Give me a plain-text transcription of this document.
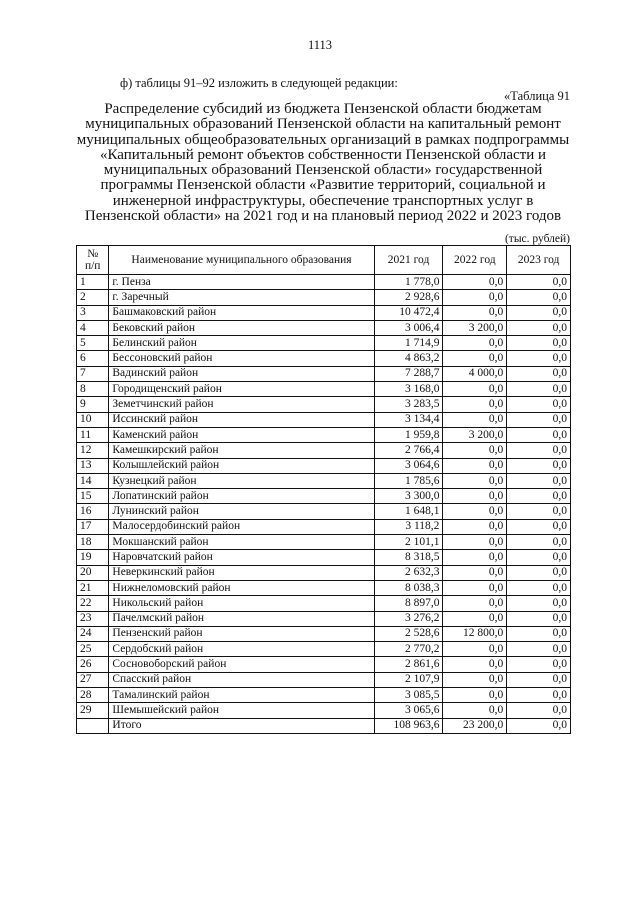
1113
ф) таблицы 91–92 изложить в следующей редакции:
«Таблица 91
Распределение субсидий из бюджета Пензенской области бюджетам
муниципальных образований Пензенской области на капитальный ремонт
муниципальных общеобразовательных организаций в рамках подпрограммы
«Капитальный ремонт объектов собственности Пензенской области и
муниципальных образований Пензенской области» государственной
программы Пензенской области «Развитие территорий, социальной и
инженерной инфраструктуры, обеспечение транспортных услуг в
Пензенской области» на 2021 год и на плановый период 2022 и 2023 годов
(тыс. рублей)
№
п/п	Наименование муниципального образования	2021 год	2022 год	2023 год
1	г. Пенза	1 778,0	0,0	0,0
2	г. Заречный	2 928,6	0,0	0,0
3	Башмаковский район	10 472,4	0,0	0,0
4	Бековский район	3 006,4	3 200,0	0,0
5	Белинский район	1 714,9	0,0	0,0
6	Бессоновский район	4 863,2	0,0	0,0
7	Вадинский район	7 288,7	4 000,0	0,0
8	Городищенский район	3 168,0	0,0	0,0
9	Земетчинский район	3 283,5	0,0	0,0
10	Иссинский район	3 134,4	0,0	0,0
11	Каменский район	1 959,8	3 200,0	0,0
12	Камешкирский район	2 766,4	0,0	0,0
13	Колышлейский район	3 064,6	0,0	0,0
14	Кузнецкий район	1 785,6	0,0	0,0
15	Лопатинский район	3 300,0	0,0	0,0
16	Лунинский район	1 648,1	0,0	0,0
17	Малосердобинский район	3 118,2	0,0	0,0
18	Мокшанский район	2 101,1	0,0	0,0
19	Наровчатский район	8 318,5	0,0	0,0
20	Неверкинский район	2 632,3	0,0	0,0
21	Нижнеломовский район	8 038,3	0,0	0,0
22	Никольский район	8 897,0	0,0	0,0
23	Пачелмский район	3 276,2	0,0	0,0
24	Пензенский район	2 528,6	12 800,0	0,0
25	Сердобский район	2 770,2	0,0	0,0
26	Сосновоборский район	2 861,6	0,0	0,0
27	Спасский район	2 107,9	0,0	0,0
28	Тамалинский район	3 085,5	0,0	0,0
29	Шемышейский район	3 065,6	0,0	0,0
	Итого	108 963,6	23 200,0	0,0
